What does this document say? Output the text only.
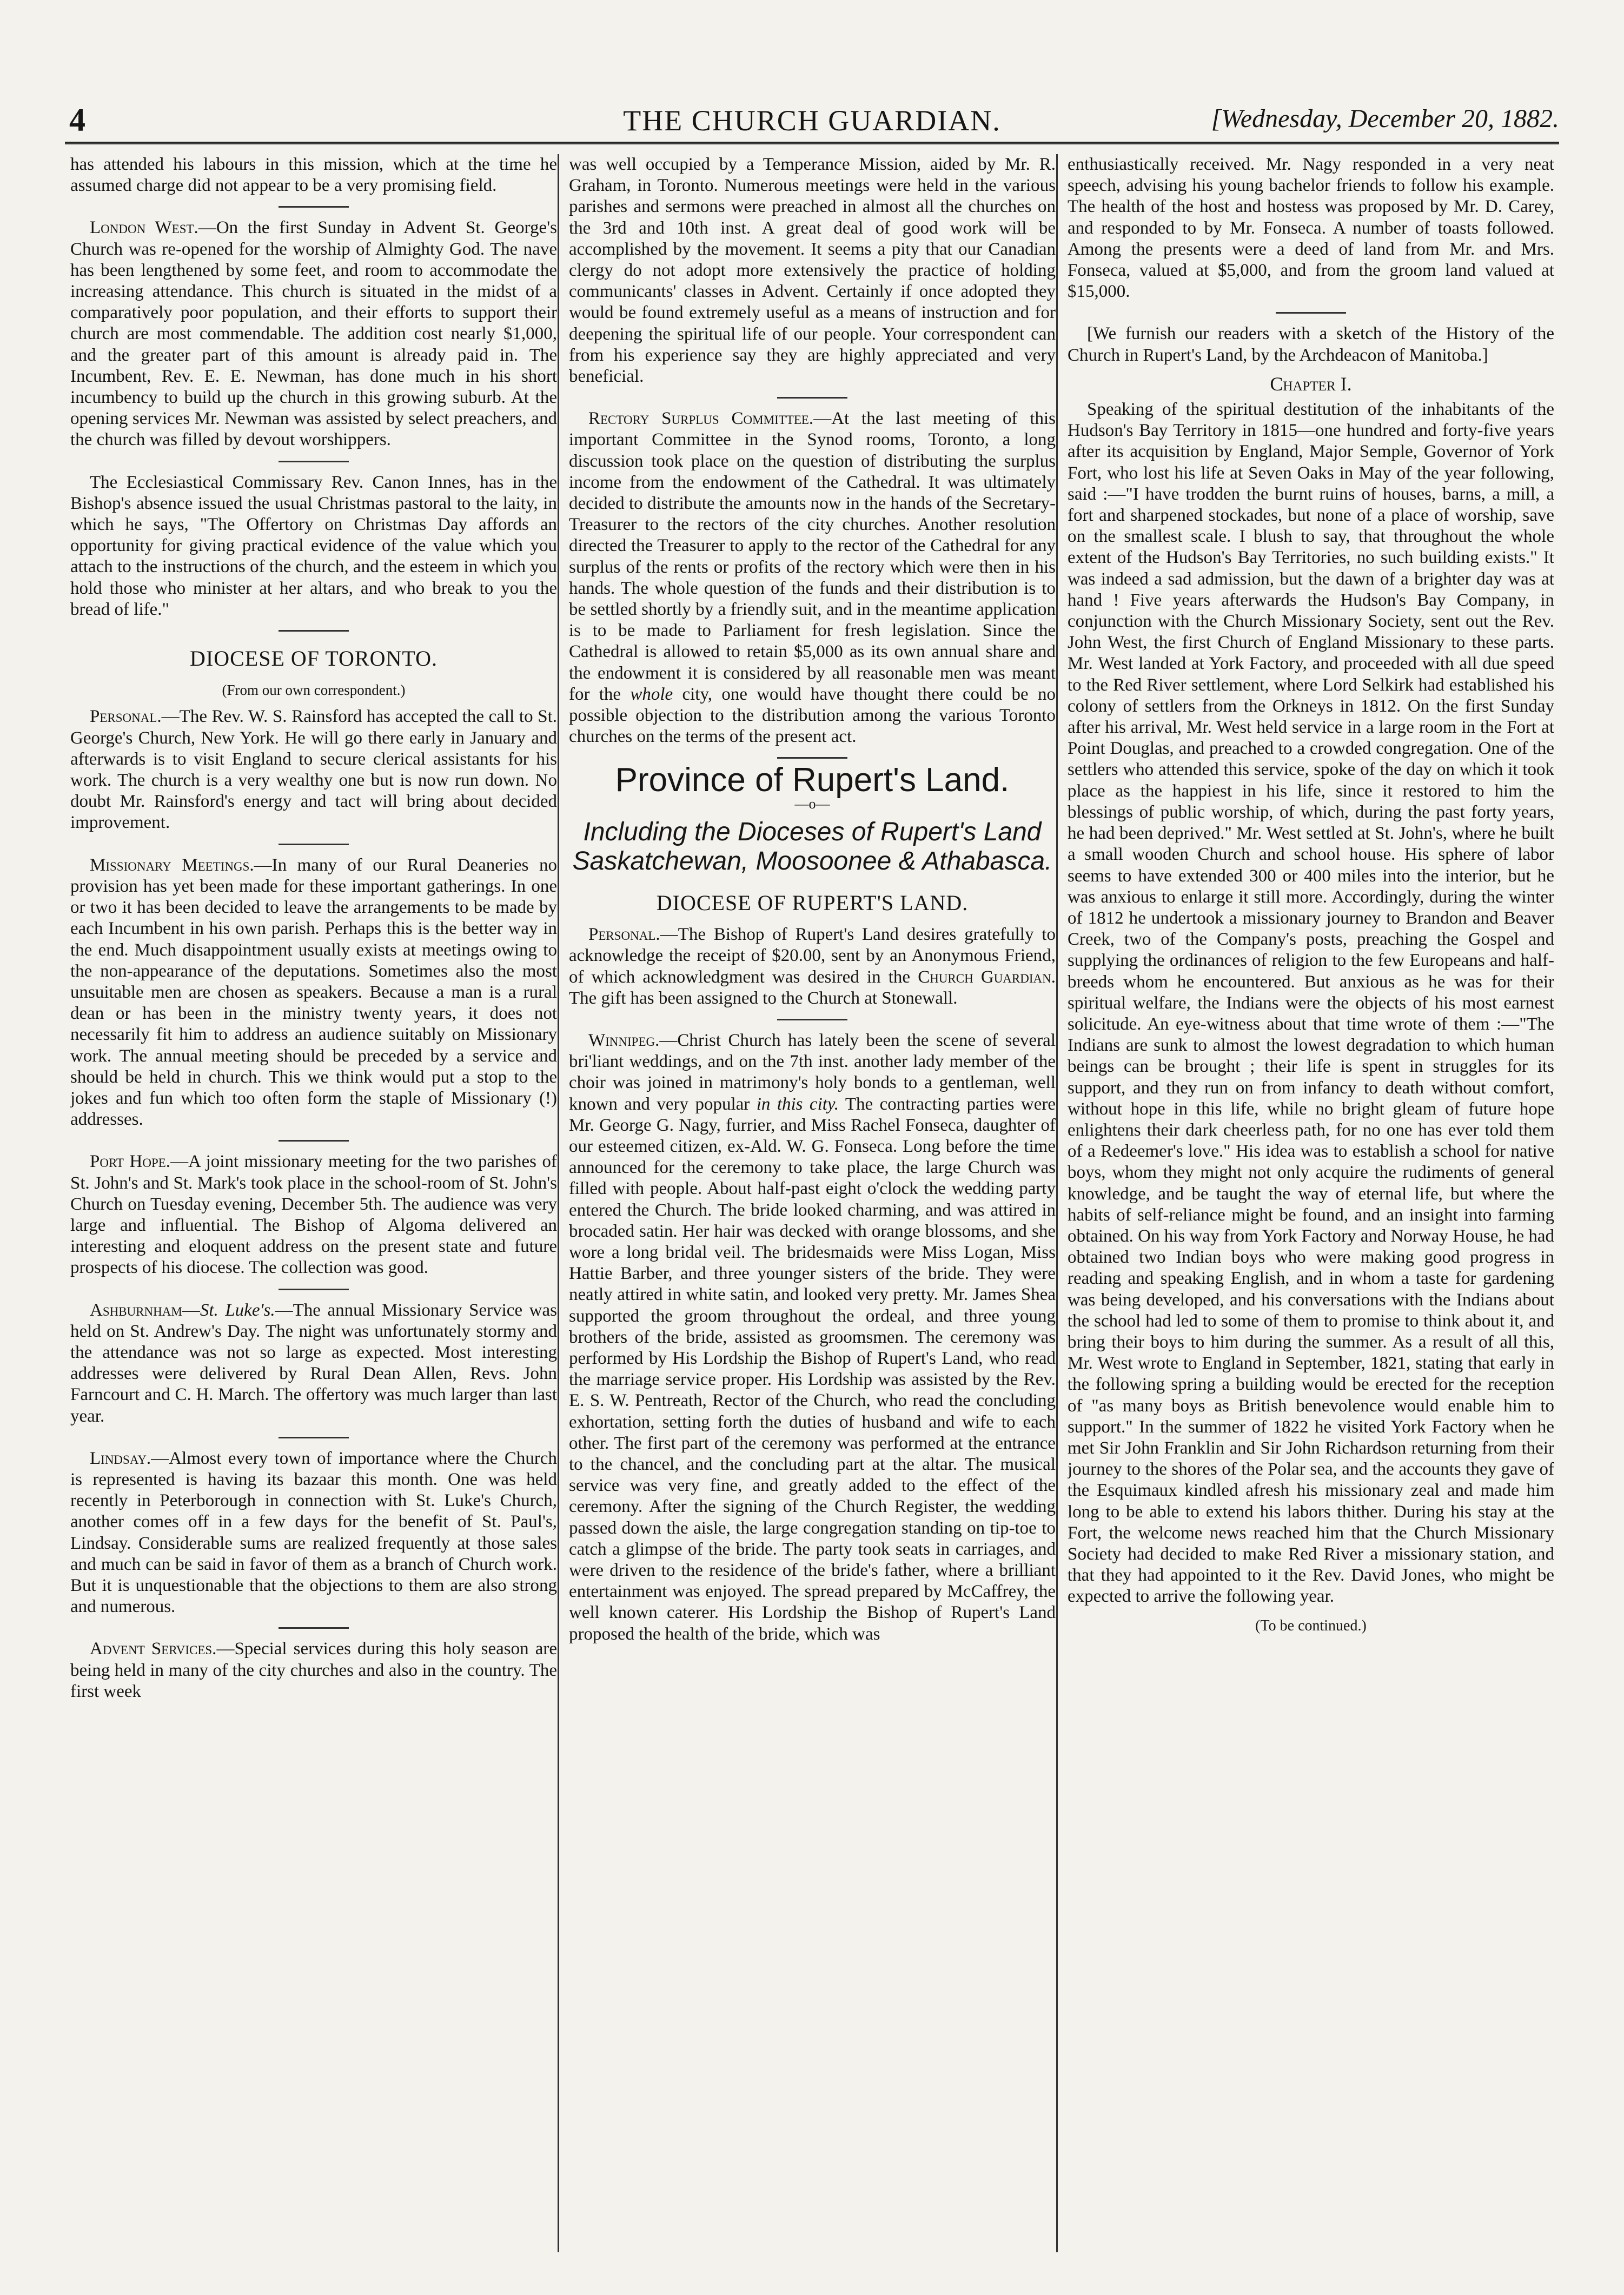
4	THE CHURCH GUARDIAN.	[Wednesday, December 20, 1882.

has attended his labours in this mission, which at the time he assumed charge did not appear to be a very promising field.

London West.—On the first Sunday in Advent St. George's Church was re-opened for the worship of Almighty God. The nave has been lengthened by some feet, and room to accommodate the increasing attendance. This church is situated in the midst of a comparatively poor population, and their efforts to support their church are most commendable. The addition cost nearly $1,000, and the greater part of this amount is already paid in. The Incumbent, Rev. E. E. Newman, has done much in his short incumbency to build up the church in this growing suburb. At the opening services Mr. Newman was assisted by select preachers, and the church was filled by devout worshippers.

The Ecclesiastical Commissary Rev. Canon Innes, has in the Bishop's absence issued the usual Christmas pastoral to the laity, in which he says, "The Offertory on Christmas Day affords an opportunity for giving practical evidence of the value which you attach to the instructions of the church, and the esteem in which you hold those who minister at her altars, and who break to you the bread of life."

DIOCESE OF TORONTO.
(From our own correspondent.)

Personal.—The Rev. W. S. Rainsford has accepted the call to St. George's Church, New York. He will go there early in January and afterwards is to visit England to secure clerical assistants for his work. The church is a very wealthy one but is now run down. No doubt Mr. Rainsford's energy and tact will bring about decided improvement.

Missionary Meetings.—In many of our Rural Deaneries no provision has yet been made for these important gatherings. In one or two it has been decided to leave the arrangements to be made by each Incumbent in his own parish. Perhaps this is the better way in the end. Much disappointment usually exists at meetings owing to the non-appearance of the deputations. Sometimes also the most unsuitable men are chosen as speakers. Because a man is a rural dean or has been in the ministry twenty years, it does not necessarily fit him to address an audience suitably on Missionary work. The annual meeting should be preceded by a service and should be held in church. This we think would put a stop to the jokes and fun which too often form the staple of Missionary (!) addresses.

Port Hope.—A joint missionary meeting for the two parishes of St. John's and St. Mark's took place in the school-room of St. John's Church on Tuesday evening, December 5th. The audience was very large and influential. The Bishop of Algoma delivered an interesting and eloquent address on the present state and future prospects of his diocese. The collection was good.

Ashburnham—St. Luke's.—The annual Missionary Service was held on St. Andrew's Day. The night was unfortunately stormy and the attendance was not so large as expected. Most interesting addresses were delivered by Rural Dean Allen, Revs. John Farncourt and C. H. March. The offertory was much larger than last year.

Lindsay.—Almost every town of importance where the Church is represented is having its bazaar this month. One was held recently in Peterborough in connection with St. Luke's Church, another comes off in a few days for the benefit of St. Paul's, Lindsay. Considerable sums are realized frequently at those sales and much can be said in favor of them as a branch of Church work. But it is unquestionable that the objections to them are also strong and numerous.

Advent Services.—Special services during this holy season are being held in many of the city churches and also in the country. The first week

was well occupied by a Temperance Mission, aided by Mr. R. Graham, in Toronto. Numerous meetings were held in the various parishes and sermons were preached in almost all the churches on the 3rd and 10th inst. A great deal of good work will be accomplished by the movement. It seems a pity that our Canadian clergy do not adopt more extensively the practice of holding communicants' classes in Advent. Certainly if once adopted they would be found extremely useful as a means of instruction and for deepening the spiritual life of our people. Your correspondent can from his experience say they are highly appreciated and very beneficial.

Rectory Surplus Committee.—At the last meeting of this important Committee in the Synod rooms, Toronto, a long discussion took place on the question of distributing the surplus income from the endowment of the Cathedral. It was ultimately decided to distribute the amounts now in the hands of the Secretary-Treasurer to the rectors of the city churches. Another resolution directed the Treasurer to apply to the rector of the Cathedral for any surplus of the rents or profits of the rectory which were then in his hands. The whole question of the funds and their distribution is to be settled shortly by a friendly suit, and in the meantime application is to be made to Parliament for fresh legislation. Since the Cathedral is allowed to retain $5,000 as its own annual share and the endowment it is considered by all reasonable men was meant for the whole city, one would have thought there could be no possible objection to the distribution among the various Toronto churches on the terms of the present act.

Province of Rupert's Land.
—o—
Including the Dioceses of Rupert's Land Saskatchewan, Moosoonee & Athabasca.
DIOCESE OF RUPERT'S LAND.

Personal.—The Bishop of Rupert's Land desires gratefully to acknowledge the receipt of $20.00, sent by an Anonymous Friend, of which acknowledgment was desired in the Church Guardian. The gift has been assigned to the Church at Stonewall.

Winnipeg.—Christ Church has lately been the scene of several bri'liant weddings, and on the 7th inst. another lady member of the choir was joined in matrimony's holy bonds to a gentleman, well known and very popular in this city. The contracting parties were Mr. George G. Nagy, furrier, and Miss Rachel Fonseca, daughter of our esteemed citizen, ex-Ald. W. G. Fonseca. Long before the time announced for the ceremony to take place, the large Church was filled with people. About half-past eight o'clock the wedding party entered the Church. The bride looked charming, and was attired in brocaded satin. Her hair was decked with orange blossoms, and she wore a long bridal veil. The bridesmaids were Miss Logan, Miss Hattie Barber, and three younger sisters of the bride. They were neatly attired in white satin, and looked very pretty. Mr. James Shea supported the groom throughout the ordeal, and three young brothers of the bride, assisted as groomsmen. The ceremony was performed by His Lordship the Bishop of Rupert's Land, who read the marriage service proper. His Lordship was assisted by the Rev. E. S. W. Pentreath, Rector of the Church, who read the concluding exhortation, setting forth the duties of husband and wife to each other. The first part of the ceremony was performed at the entrance to the chancel, and the concluding part at the altar. The musical service was very fine, and greatly added to the effect of the ceremony. After the signing of the Church Register, the wedding passed down the aisle, the large congregation standing on tip-toe to catch a glimpse of the bride. The party took seats in carriages, and were driven to the residence of the bride's father, where a brilliant entertainment was enjoyed. The spread prepared by McCaffrey, the well known caterer. His Lordship the Bishop of Rupert's Land proposed the health of the bride, which was

enthusiastically received. Mr. Nagy responded in a very neat speech, advising his young bachelor friends to follow his example. The health of the host and hostess was proposed by Mr. D. Carey, and responded to by Mr. Fonseca. A number of toasts followed. Among the presents were a deed of land from Mr. and Mrs. Fonseca, valued at $5,000, and from the groom land valued at $15,000.

[We furnish our readers with a sketch of the History of the Church in Rupert's Land, by the Archdeacon of Manitoba.]

Chapter I.

Speaking of the spiritual destitution of the inhabitants of the Hudson's Bay Territory in 1815—one hundred and forty-five years after its acquisition by England, Major Semple, Governor of York Fort, who lost his life at Seven Oaks in May of the year following, said :—"I have trodden the burnt ruins of houses, barns, a mill, a fort and sharpened stockades, but none of a place of worship, save on the smallest scale. I blush to say, that throughout the whole extent of the Hudson's Bay Territories, no such building exists." It was indeed a sad admission, but the dawn of a brighter day was at hand ! Five years afterwards the Hudson's Bay Company, in conjunction with the Church Missionary Society, sent out the Rev. John West, the first Church of England Missionary to these parts. Mr. West landed at York Factory, and proceeded with all due speed to the Red River settlement, where Lord Selkirk had established his colony of settlers from the Orkneys in 1812. On the first Sunday after his arrival, Mr. West held service in a large room in the Fort at Point Douglas, and preached to a crowded congregation. One of the settlers who attended this service, spoke of the day on which it took place as the happiest in his life, since it restored to him the blessings of public worship, of which, during the past forty years, he had been deprived." Mr. West settled at St. John's, where he built a small wooden Church and school house. His sphere of labor seems to have extended 300 or 400 miles into the interior, but he was anxious to enlarge it still more. Accordingly, during the winter of 1812 he undertook a missionary journey to Brandon and Beaver Creek, two of the Company's posts, preaching the Gospel and supplying the ordinances of religion to the few Europeans and half-breeds whom he encountered. But anxious as he was for their spiritual welfare, the Indians were the objects of his most earnest solicitude. An eye-witness about that time wrote of them :—"The Indians are sunk to almost the lowest degradation to which human beings can be brought ; their life is spent in struggles for its support, and they run on from infancy to death without comfort, without hope in this life, while no bright gleam of future hope enlightens their dark cheerless path, for no one has ever told them of a Redeemer's love." His idea was to establish a school for native boys, whom they might not only acquire the rudiments of general knowledge, and be taught the way of eternal life, but where the habits of self-reliance might be found, and an insight into farming obtained. On his way from York Factory and Norway House, he had obtained two Indian boys who were making good progress in reading and speaking English, and in whom a taste for gardening was being developed, and his conversations with the Indians about the school had led to some of them to promise to think about it, and bring their boys to him during the summer. As a result of all this, Mr. West wrote to England in September, 1821, stating that early in the following spring a building would be erected for the reception of "as many boys as British benevolence would enable him to support." In the summer of 1822 he visited York Factory when he met Sir John Franklin and Sir John Richardson returning from their journey to the shores of the Polar sea, and the accounts they gave of the Esquimaux kindled afresh his missionary zeal and made him long to be able to extend his labors thither. During his stay at the Fort, the welcome news reached him that the Church Missionary Society had decided to make Red River a missionary station, and that they had appointed to it the Rev. David Jones, who might be expected to arrive the following year.

(To be continued.)
